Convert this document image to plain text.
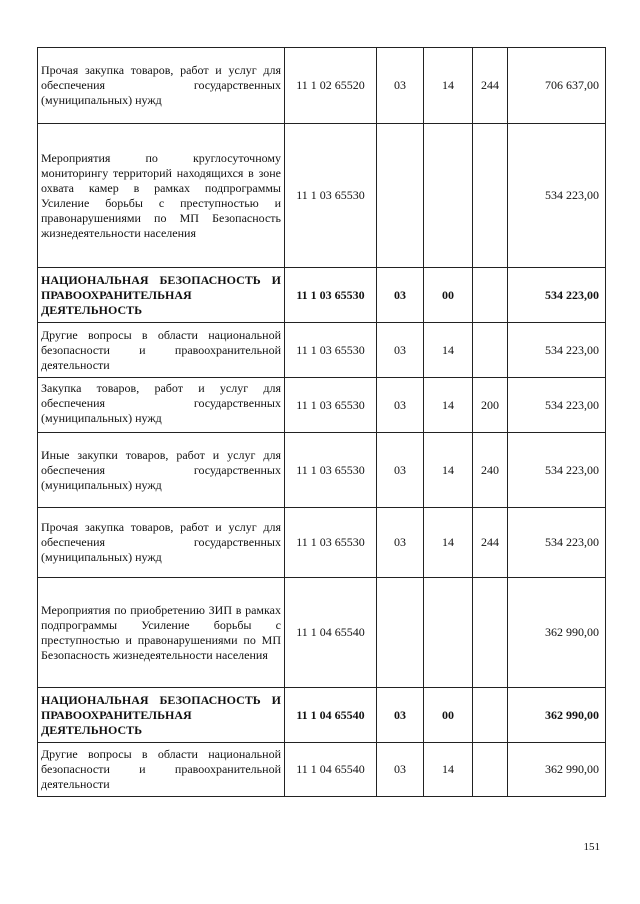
Прочая закупка товаров, работ и услуг для обеспечения государственных (муниципальных) нужд	11 1 02 65520	03	14	244	706 637,00
Мероприятия по круглосуточному мониторингу территорий находящихся в зоне охвата камер в рамках подпрограммы Усиление борьбы с преступностью и правонарушениями по МП Безопасность жизнедеятельности населения	11 1 03 65530				534 223,00
НАЦИОНАЛЬНАЯ БЕЗОПАСНОСТЬ И ПРАВООХРАНИТЕЛЬНАЯ ДЕЯТЕЛЬНОСТЬ	11 1 03 65530	03	00		534 223,00
Другие вопросы в области национальной безопасности и правоохранительной деятельности	11 1 03 65530	03	14		534 223,00
Закупка товаров, работ и услуг для обеспечения государственных (муниципальных) нужд	11 1 03 65530	03	14	200	534 223,00
Иные закупки товаров, работ и услуг для обеспечения государственных (муниципальных) нужд	11 1 03 65530	03	14	240	534 223,00
Прочая закупка товаров, работ и услуг для обеспечения государственных (муниципальных) нужд	11 1 03 65530	03	14	244	534 223,00
Мероприятия по приобретению ЗИП в рамках подпрограммы Усиление борьбы с преступностью и правонарушениями по МП Безопасность жизнедеятельности населения	11 1 04 65540				362 990,00
НАЦИОНАЛЬНАЯ БЕЗОПАСНОСТЬ И ПРАВООХРАНИТЕЛЬНАЯ ДЕЯТЕЛЬНОСТЬ	11 1 04 65540	03	00		362 990,00
Другие вопросы в области национальной безопасности и правоохранительной деятельности	11 1 04 65540	03	14		362 990,00
151
